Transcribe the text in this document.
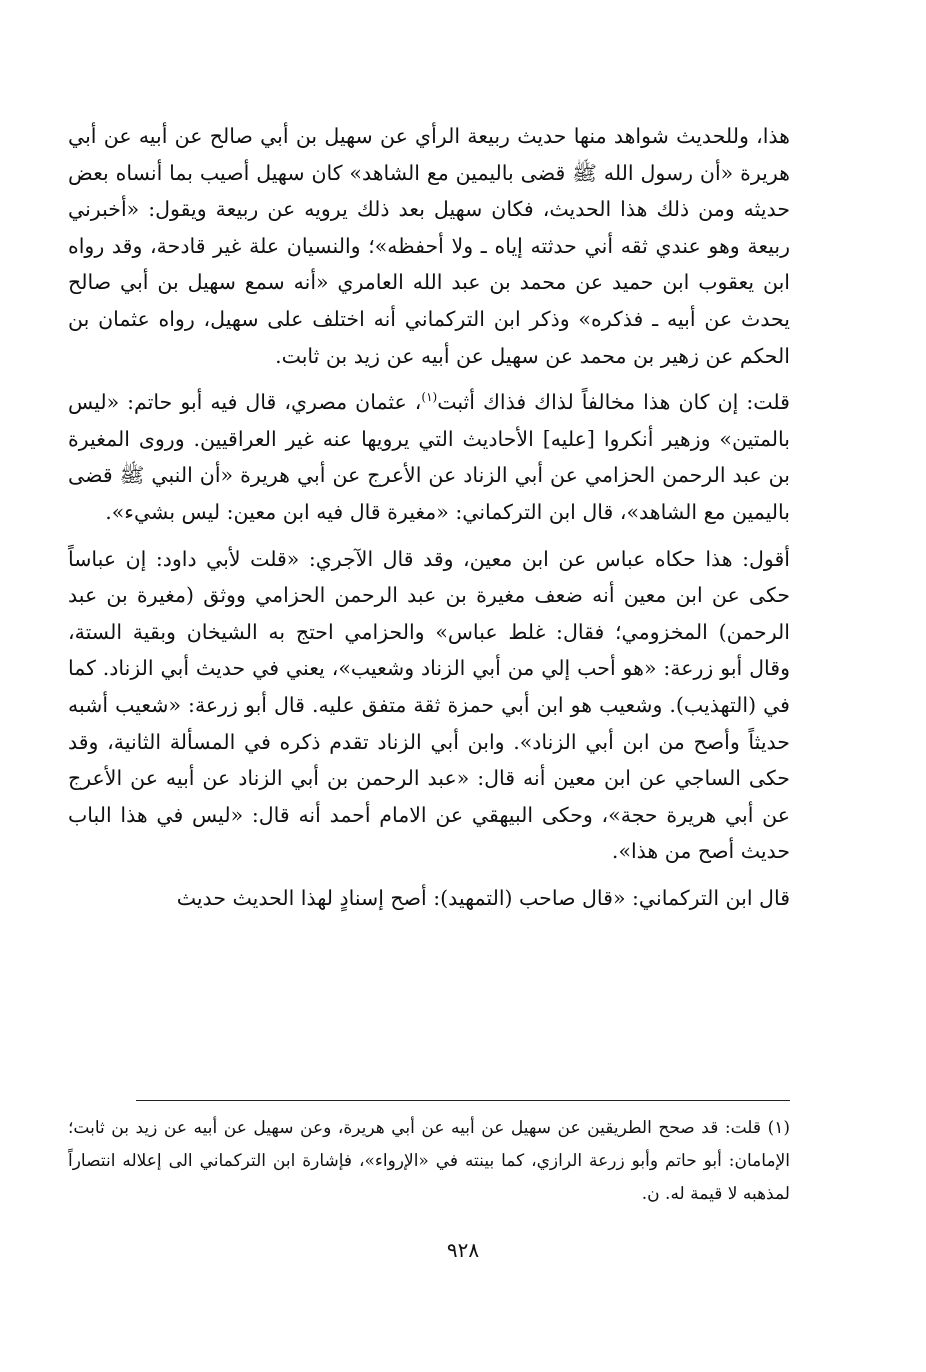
هذا، وللحديث شواهد منها حديث ربيعة الرأي عن سهيل بن أبي صالح عن أبيه عن أبي هريرة «أن رسول الله ﷺ قضى باليمين مع الشاهد» كان سهيل أصيب بما أنساه بعض حديثه ومن ذلك هذا الحديث، فكان سهيل بعد ذلك يرويه عن ربيعة ويقول: «أخبرني ربيعة وهو عندي ثقه أني حدثته إياه ـ ولا أحفظه»؛ والنسيان علة غير قادحة، وقد رواه ابن يعقوب ابن حميد عن محمد بن عبد الله العامري «أنه سمع سهيل بن أبي صالح يحدث عن أبيه ـ فذكره» وذكر ابن التركماني أنه اختلف على سهيل، رواه عثمان بن الحكم عن زهير بن محمد عن سهيل عن أبيه عن زيد بن ثابت.

قلت: إن كان هذا مخالفاً لذاك فذاك أثبت$^{(١)}$، عثمان مصري، قال فيه أبو حاتم: «ليس بالمتين» وزهير أنكروا [عليه] الأحاديث التي يرويها عنه غير العراقيين. وروى المغيرة بن عبد الرحمن الحزامي عن أبي الزناد عن الأعرج عن أبي هريرة «أن النبي ﷺ قضى باليمين مع الشاهد»، قال ابن التركماني: «مغيرة قال فيه ابن معين: ليس بشيء».

أقول: هذا حكاه عباس عن ابن معين، وقد قال الآجري: «قلت لأبي داود: إن عباساً حكى عن ابن معين أنه ضعف مغيرة بن عبد الرحمن الحزامي ووثق (مغيرة بن عبد الرحمن) المخزومي؛ فقال: غلط عباس» والحزامي احتج به الشيخان وبقية الستة، وقال أبو زرعة: «هو أحب إلي من أبي الزناد وشعيب»، يعني في حديث أبي الزناد. كما في (التهذيب). وشعيب هو ابن أبي حمزة ثقة متفق عليه. قال أبو زرعة: «شعيب أشبه حديثاً وأصح من ابن أبي الزناد». وابن أبي الزناد تقدم ذكره في المسألة الثانية، وقد حكى الساجي عن ابن معين أنه قال: «عبد الرحمن بن أبي الزناد عن أبيه عن الأعرج عن أبي هريرة حجة»، وحكى البيهقي عن الامام أحمد أنه قال: «ليس في هذا الباب حديث أصح من هذا».

قال ابن التركماني: «قال صاحب (التمهيد): أصح إسنادٍ لهذا الحديث حديث

(١) قلت: قد صحح الطريقين عن سهيل عن أبيه عن أبي هريرة، وعن سهيل عن أبيه عن زيد بن ثابت؛ الإمامان: أبو حاتم وأبو زرعة الرازي، كما بينته في «الإرواء»، فإشارة ابن التركماني الى إعلاله انتصاراً لمذهبه لا قيمة له. ن.

٩٢٨
